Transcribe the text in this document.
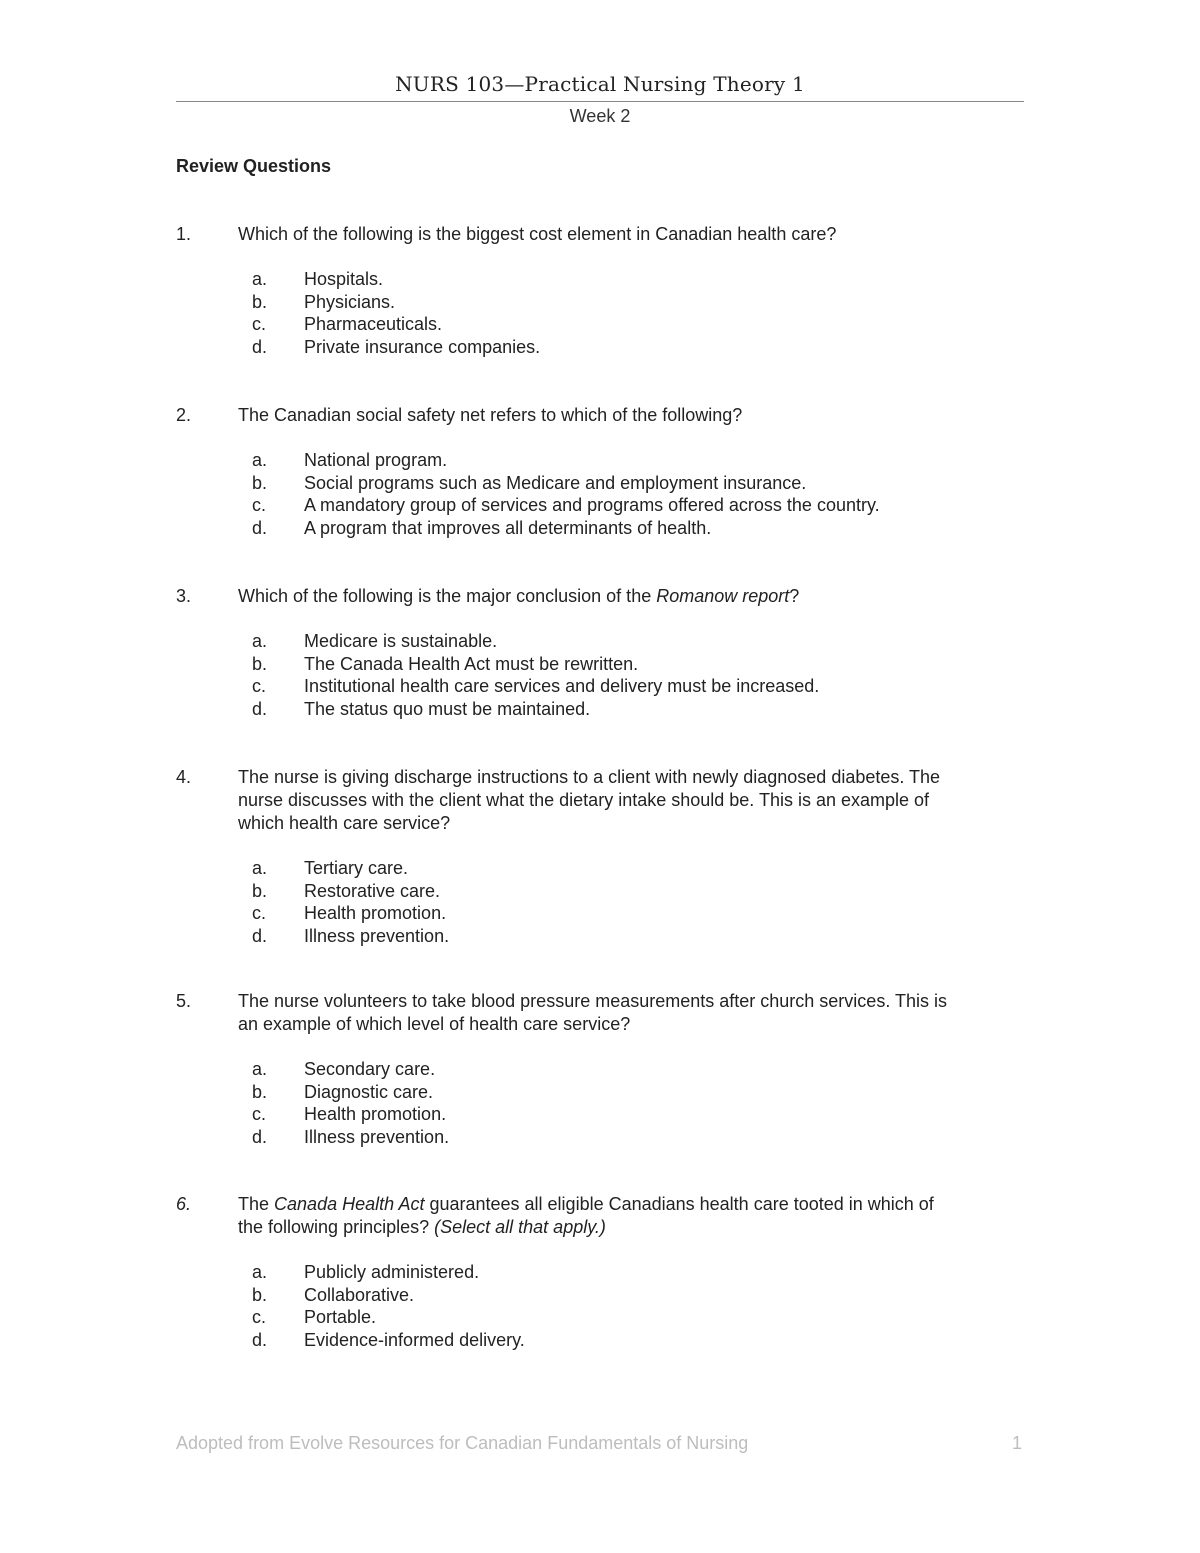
NURS 103—Practical Nursing Theory 1
Week 2
Review Questions
1.	Which of the following is the biggest cost element in Canadian health care?
a.	Hospitals.
b.	Physicians.
c.	Pharmaceuticals.
d.	Private insurance companies.
2.	The Canadian social safety net refers to which of the following?
a.	National program.
b.	Social programs such as Medicare and employment insurance.
c.	A mandatory group of services and programs offered across the country.
d.	A program that improves all determinants of health.
3.	Which of the following is the major conclusion of the Romanow report?
a.	Medicare is sustainable.
b.	The Canada Health Act must be rewritten.
c.	Institutional health care services and delivery must be increased.
d.	The status quo must be maintained.
4.	The nurse is giving discharge instructions to a client with newly diagnosed diabetes. The
nurse discusses with the client what the dietary intake should be. This is an example of
which health care service?
a.	Tertiary care.
b.	Restorative care.
c.	Health promotion.
d.	Illness prevention.
5.	The nurse volunteers to take blood pressure measurements after church services. This is
an example of which level of health care service?
a.	Secondary care.
b.	Diagnostic care.
c.	Health promotion.
d.	Illness prevention.
6.	The Canada Health Act guarantees all eligible Canadians health care tooted in which of
the following principles? (Select all that apply.)
a.	Publicly administered.
b.	Collaborative.
c.	Portable.
d.	Evidence-informed delivery.
Adopted from Evolve Resources for Canadian Fundamentals of Nursing	1
